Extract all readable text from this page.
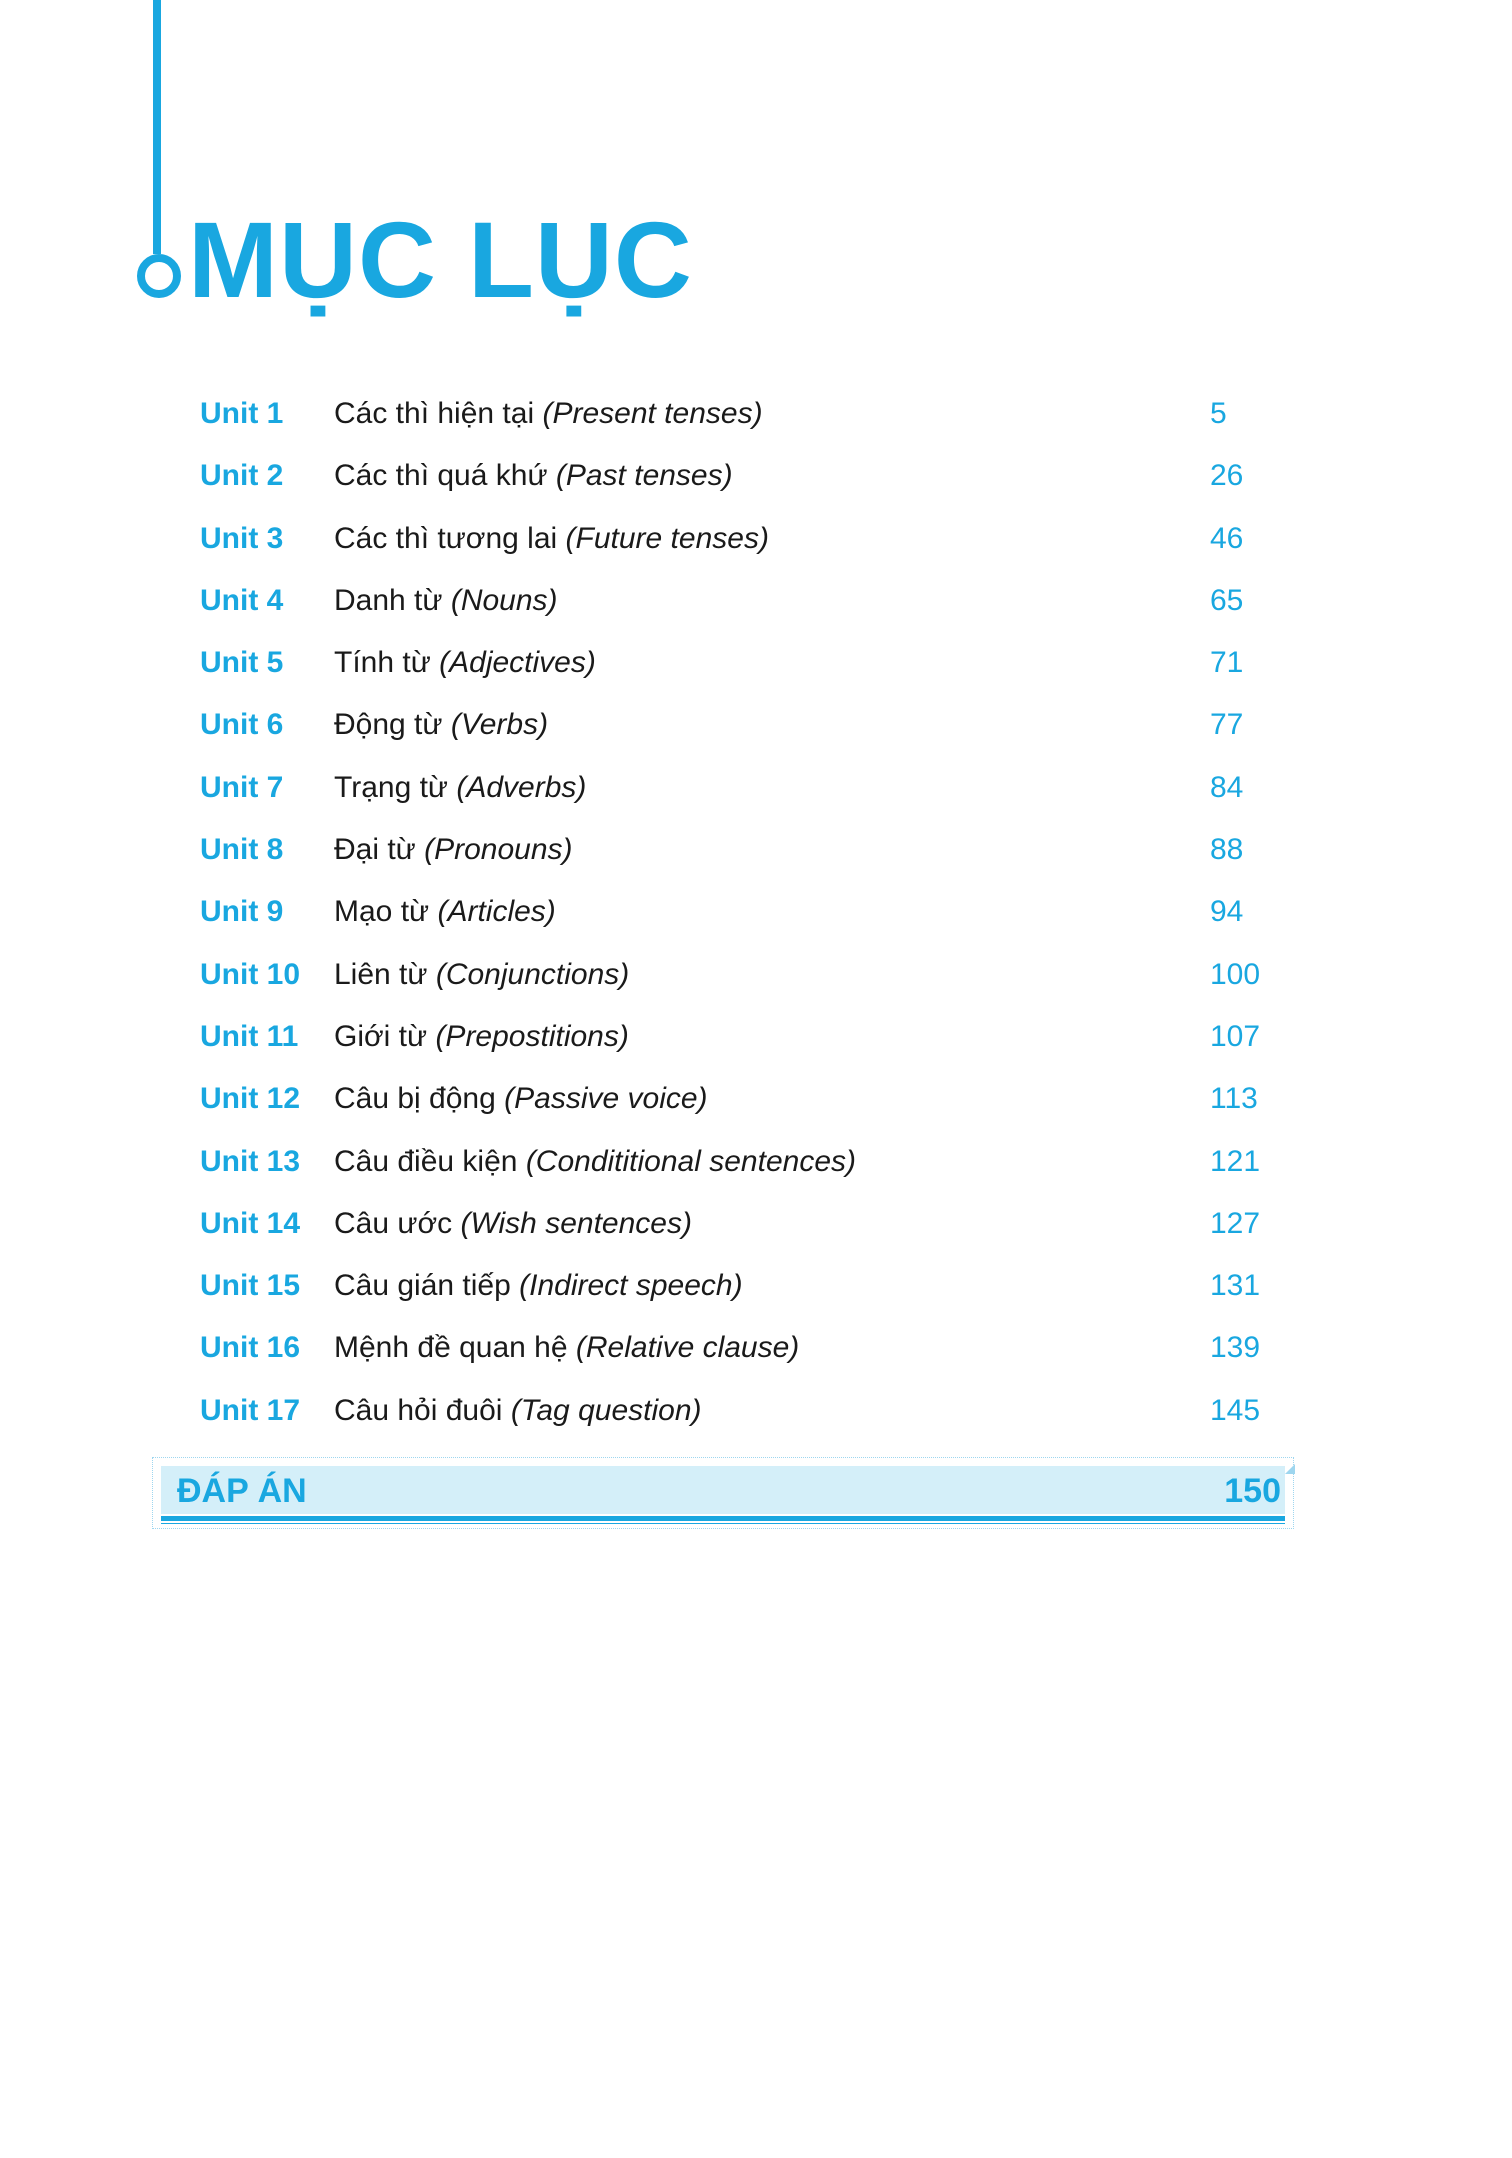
MỤC LỤC
Unit 1 Các thì hiện tại (Present tenses)	5
Unit 2 Các thì quá khứ (Past tenses)	26
Unit 3 Các thì tương lai (Future tenses)	46
Unit 4 Danh từ (Nouns)	65
Unit 5 Tính từ (Adjectives)	71
Unit 6 Động từ (Verbs)	77
Unit 7 Trạng từ (Adverbs)	84
Unit 8 Đại từ (Pronouns)	88
Unit 9 Mạo từ (Articles)	94
Unit 10 Liên từ (Conjunctions)	100
Unit 11 Giới từ (Prepostitions)	107
Unit 12 Câu bị động (Passive voice)	113
Unit 13 Câu điều kiện (Condititional sentences)	121
Unit 14 Câu ước (Wish sentences)	127
Unit 15 Câu gián tiếp (Indirect speech)	131
Unit 16 Mệnh đề quan hệ (Relative clause)	139
Unit 17 Câu hỏi đuôi (Tag question)	145
ĐÁP ÁN	150
